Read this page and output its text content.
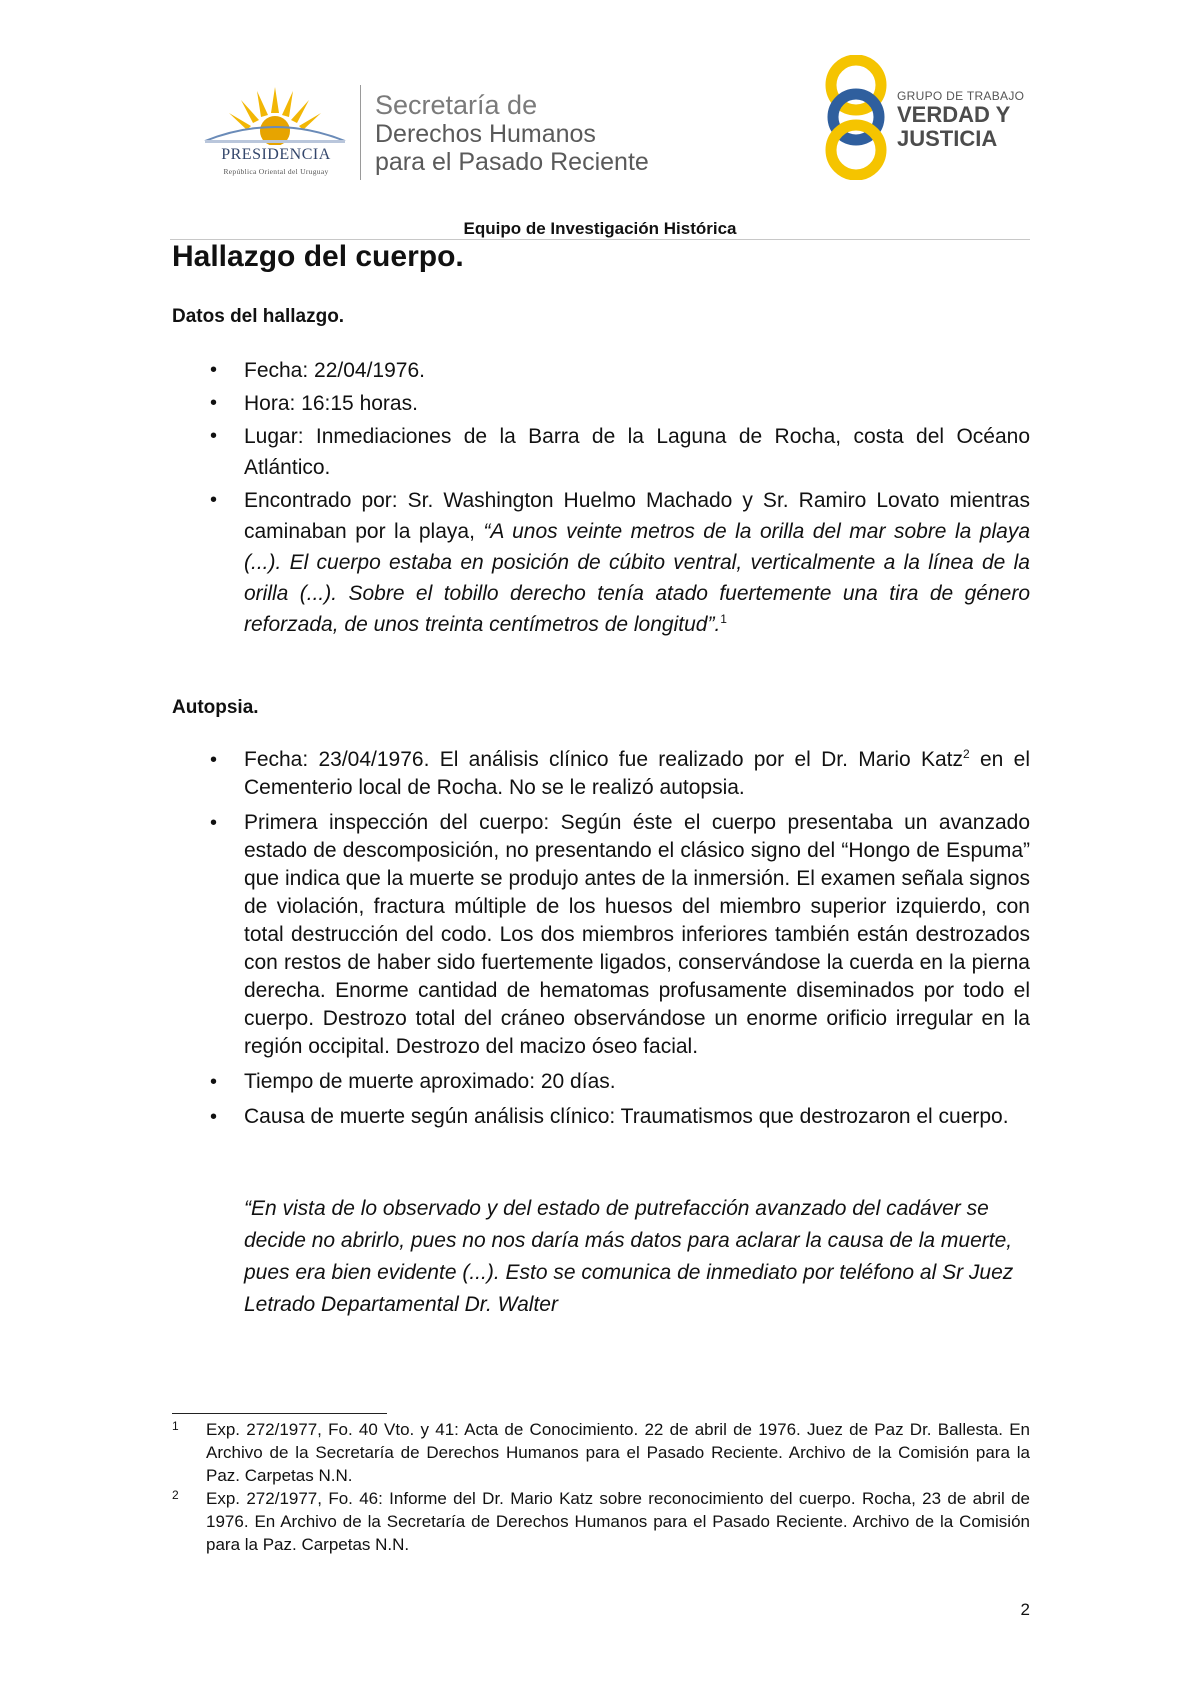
PRESIDENCIA
República Oriental del Uruguay
Secretaría de
Derechos Humanos
para el Pasado Reciente
GRUPO DE TRABAJO
VERDAD Y
JUSTICIA
Equipo de Investigación Histórica
Hallazgo del cuerpo.
Datos del hallazgo.
• Fecha: 22/04/1976.
• Hora: 16:15 horas.
• Lugar: Inmediaciones de la Barra de la Laguna de Rocha, costa del Océano Atlántico.
• Encontrado por: Sr. Washington Huelmo Machado y Sr. Ramiro Lovato mientras caminaban por la playa, “A unos veinte metros de la orilla del mar sobre la playa (...). El cuerpo estaba en posición de cúbito ventral, verticalmente a la línea de la orilla (...). Sobre el tobillo derecho tenía atado fuertemente una tira de género reforzada, de unos treinta centímetros de longitud”.$^1$
Autopsia.
• Fecha: 23/04/1976. El análisis clínico fue realizado por el Dr. Mario Katz$^2$ en el Cementerio local de Rocha. No se le realizó autopsia.
• Primera inspección del cuerpo: Según éste el cuerpo presentaba un avanzado estado de descomposición, no presentando el clásico signo del “Hongo de Espuma” que indica que la muerte se produjo antes de la inmersión. El examen señala signos de violación, fractura múltiple de los huesos del miembro superior izquierdo, con total destrucción del codo. Los dos miembros inferiores también están destrozados con restos de haber sido fuertemente ligados, conservándose la cuerda en la pierna derecha. Enorme cantidad de hematomas profusamente diseminados por todo el cuerpo. Destrozo total del cráneo observándose un enorme orificio irregular en la región occipital. Destrozo del macizo óseo facial.
• Tiempo de muerte aproximado: 20 días.
• Causa de muerte según análisis clínico: Traumatismos que destrozaron el cuerpo.

“En vista de lo observado y del estado de putrefacción avanzado del cadáver se decide no abrirlo, pues no nos daría más datos para aclarar la causa de la muerte, pues era bien evidente (...). Esto se comunica de inmediato por teléfono al Sr Juez Letrado Departamental Dr. Walter

1 Exp. 272/1977, Fo. 40 Vto. y 41: Acta de Conocimiento. 22 de abril de 1976. Juez de Paz Dr. Ballesta. En Archivo de la Secretaría de Derechos Humanos para el Pasado Reciente. Archivo de la Comisión para la Paz. Carpetas N.N.
2 Exp. 272/1977, Fo. 46: Informe del Dr. Mario Katz sobre reconocimiento del cuerpo. Rocha, 23 de abril de 1976. En Archivo de la Secretaría de Derechos Humanos para el Pasado Reciente. Archivo de la Comisión para la Paz. Carpetas N.N.
2
